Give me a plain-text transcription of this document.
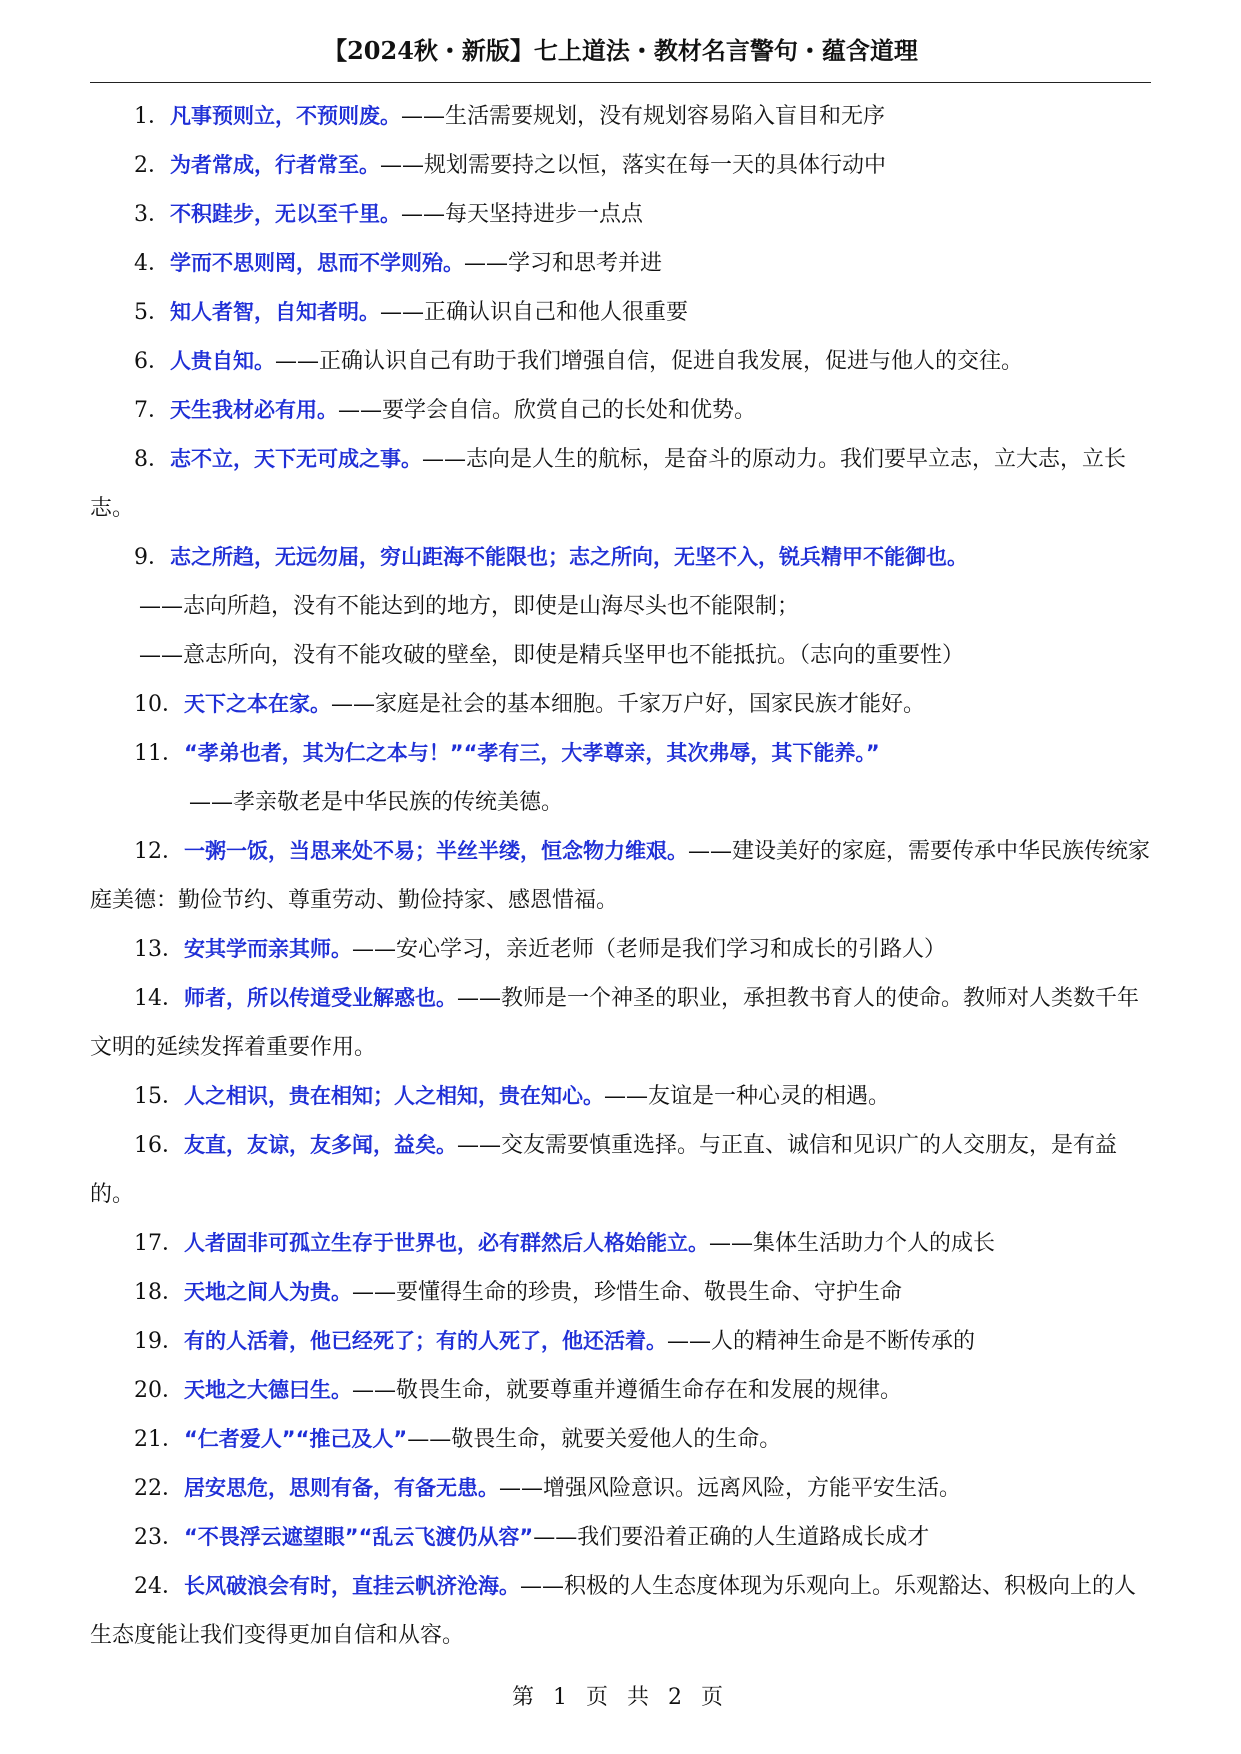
【2024秋・新版】七上道法・教材名言警句・蕴含道理

1．凡事预则立，不预则废。——生活需要规划，没有规划容易陷入盲目和无序

2．为者常成，行者常至。——规划需要持之以恒，落实在每一天的具体行动中

3．不积跬步，无以至千里。——每天坚持进步一点点

4．学而不思则罔，思而不学则殆。——学习和思考并进

5．知人者智，自知者明。——正确认识自己和他人很重要

6．人贵自知。——正确认识自己有助于我们增强自信，促进自我发展，促进与他人的交往。

7．天生我材必有用。——要学会自信。欣赏自己的长处和优势。

8．志不立，天下无可成之事。——志向是人生的航标，是奋斗的原动力。我们要早立志，立大志，立长志。

9．志之所趋，无远勿届，穷山距海不能限也；志之所向，无坚不入，锐兵精甲不能御也。

——志向所趋，没有不能达到的地方，即使是山海尽头也不能限制；

——意志所向，没有不能攻破的壁垒，即使是精兵坚甲也不能抵抗。（志向的重要性）

10．天下之本在家。——家庭是社会的基本细胞。千家万户好，国家民族才能好。

11．“孝弟也者，其为仁之本与！”“孝有三，大孝尊亲，其次弗辱，其下能养。”

——孝亲敬老是中华民族的传统美德。

12．一粥一饭，当思来处不易；半丝半缕，恒念物力维艰。——建设美好的家庭，需要传承中华民族传统家庭美德：勤俭节约、尊重劳动、勤俭持家、感恩惜福。

13．安其学而亲其师。——安心学习，亲近老师（老师是我们学习和成长的引路人）

14．师者，所以传道受业解惑也。——教师是一个神圣的职业，承担教书育人的使命。教师对人类数千年文明的延续发挥着重要作用。

15．人之相识，贵在相知；人之相知，贵在知心。——友谊是一种心灵的相遇。

16．友直，友谅，友多闻，益矣。——交友需要慎重选择。与正直、诚信和见识广的人交朋友，是有益的。

17．人者固非可孤立生存于世界也，必有群然后人格始能立。——集体生活助力个人的成长

18．天地之间人为贵。——要懂得生命的珍贵，珍惜生命、敬畏生命、守护生命

19．有的人活着，他已经死了；有的人死了，他还活着。——人的精神生命是不断传承的

20．天地之大德曰生。——敬畏生命，就要尊重并遵循生命存在和发展的规律。

21．“仁者爱人”“推己及人”——敬畏生命，就要关爱他人的生命。

22．居安思危，思则有备，有备无患。——增强风险意识。远离风险，方能平安生活。

23．“不畏浮云遮望眼”“乱云飞渡仍从容”——我们要沿着正确的人生道路成长成才

24．长风破浪会有时，直挂云帆济沧海。——积极的人生态度体现为乐观向上。乐观豁达、积极向上的人生态度能让我们变得更加自信和从容。

第 1 页 共 2 页
